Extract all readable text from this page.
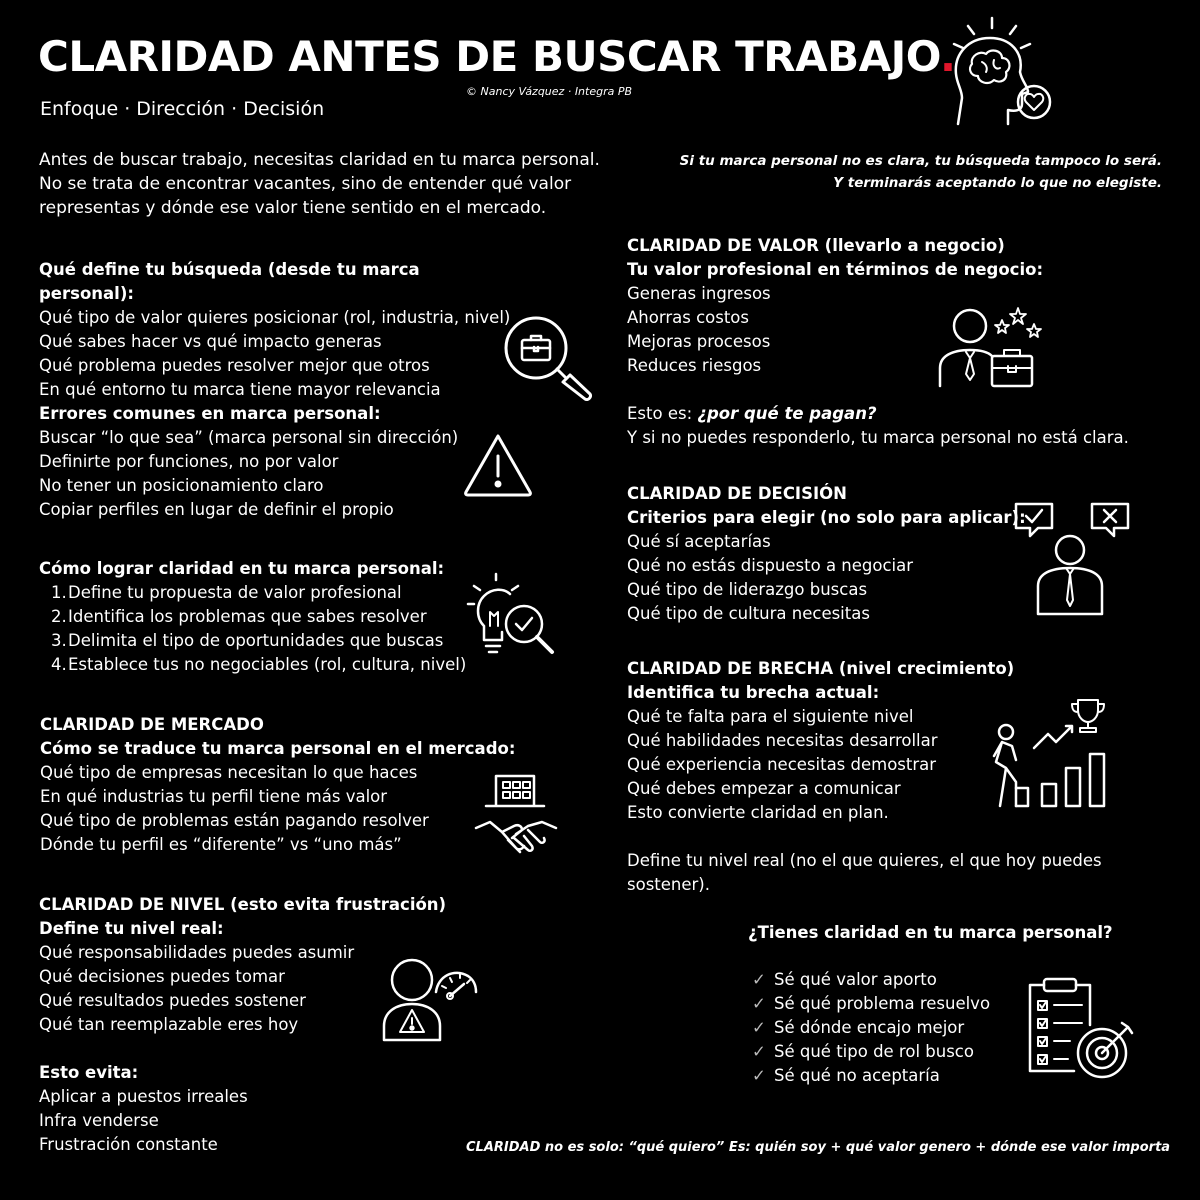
CLARIDAD ANTES DE BUSCAR TRABAJO.
Enfoque · Dirección · Decisión
© Nancy Vázquez · Integra PB
Antes de buscar trabajo, necesitas claridad en tu marca personal.
No se trata de encontrar vacantes, sino de entender qué valor
representas y dónde ese valor tiene sentido en el mercado.
Si tu marca personal no es clara, tu búsqueda tampoco lo será.
Y terminarás aceptando lo que no elegiste.
Qué define tu búsqueda (desde tu marca personal):
Qué tipo de valor quieres posicionar (rol, industria, nivel)
Qué sabes hacer vs qué impacto generas
Qué problema puedes resolver mejor que otros
En qué entorno tu marca tiene mayor relevancia
Errores comunes en marca personal:
Buscar “lo que sea” (marca personal sin dirección)
Definirte por funciones, no por valor
No tener un posicionamiento claro
Copiar perfiles en lugar de definir el propio
Cómo lograr claridad en tu marca personal:
1.Define tu propuesta de valor profesional
2.Identifica los problemas que sabes resolver
3.Delimita el tipo de oportunidades que buscas
4.Establece tus no negociables (rol, cultura, nivel)
CLARIDAD DE MERCADO
Cómo se traduce tu marca personal en el mercado:
Qué tipo de empresas necesitan lo que haces
En qué industrias tu perfil tiene más valor
Qué tipo de problemas están pagando resolver
Dónde tu perfil es “diferente” vs “uno más”
CLARIDAD DE NIVEL (esto evita frustración)
Define tu nivel real:
Qué responsabilidades puedes asumir
Qué decisiones puedes tomar
Qué resultados puedes sostener
Qué tan reemplazable eres hoy
Esto evita:
Aplicar a puestos irreales
Infra venderse
Frustración constante
CLARIDAD DE VALOR (llevarlo a negocio)
Tu valor profesional en términos de negocio:
Generas ingresos
Ahorras costos
Mejoras procesos
Reduces riesgos
Esto es: ¿por qué te pagan?
Y si no puedes responderlo, tu marca personal no está clara.
CLARIDAD DE DECISIÓN
Criterios para elegir (no solo para aplicar):
Qué sí aceptarías
Qué no estás dispuesto a negociar
Qué tipo de liderazgo buscas
Qué tipo de cultura necesitas
CLARIDAD DE BRECHA (nivel crecimiento)
Identifica tu brecha actual:
Qué te falta para el siguiente nivel
Qué habilidades necesitas desarrollar
Qué experiencia necesitas demostrar
Qué debes empezar a comunicar
Esto convierte claridad en plan.
Define tu nivel real (no el que quieres, el que hoy puedes
sostener).
¿Tienes claridad en tu marca personal?
✓ Sé qué valor aporto
✓ Sé qué problema resuelvo
✓ Sé dónde encajo mejor
✓ Sé qué tipo de rol busco
✓ Sé qué no aceptaría
CLARIDAD no es solo: “qué quiero” Es: quién soy + qué valor genero + dónde ese valor importa
